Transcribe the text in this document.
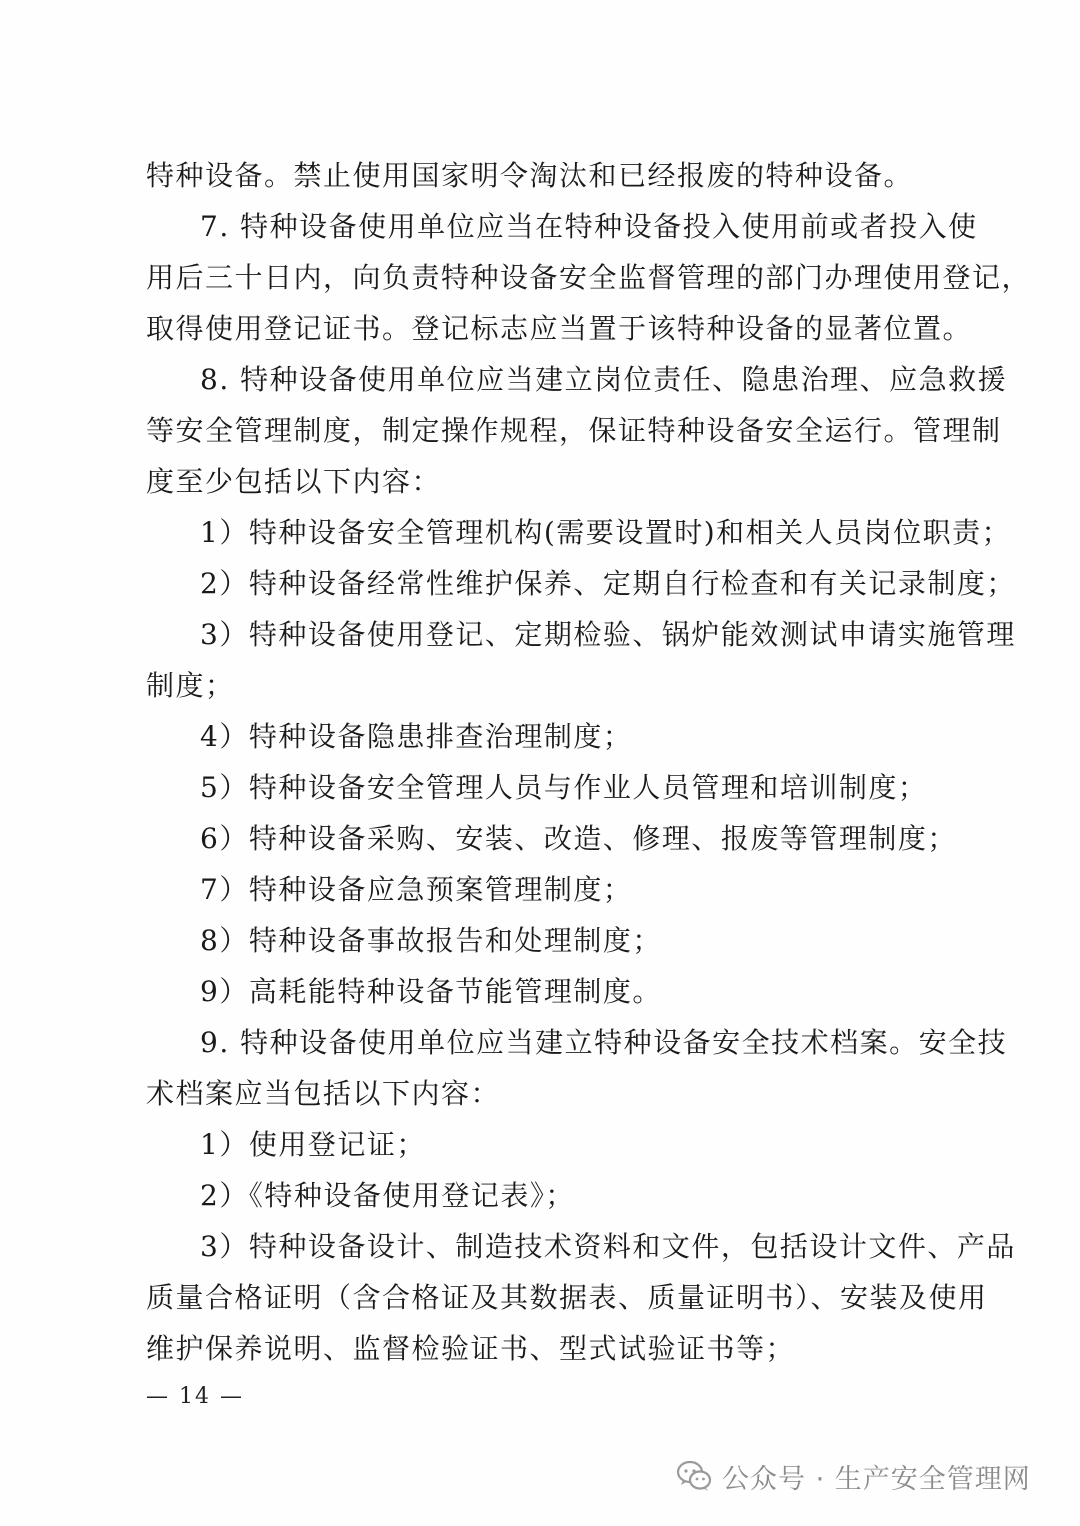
特种设备。禁止使用国家明令淘汰和已经报废的特种设备。
7. 特种设备使用单位应当在特种设备投入使用前或者投入使
用后三十日内，向负责特种设备安全监督管理的部门办理使用登记，
取得使用登记证书。登记标志应当置于该特种设备的显著位置。
8. 特种设备使用单位应当建立岗位责任、隐患治理、应急救援
等安全管理制度，制定操作规程，保证特种设备安全运行。管理制
度至少包括以下内容：
1）特种设备安全管理机构(需要设置时)和相关人员岗位职责；
2）特种设备经常性维护保养、定期自行检查和有关记录制度；
3）特种设备使用登记、定期检验、锅炉能效测试申请实施管理
制度；
4）特种设备隐患排查治理制度；
5）特种设备安全管理人员与作业人员管理和培训制度；
6）特种设备采购、安装、改造、修理、报废等管理制度；
7）特种设备应急预案管理制度；
8）特种设备事故报告和处理制度；
9）高耗能特种设备节能管理制度。
9. 特种设备使用单位应当建立特种设备安全技术档案。安全技
术档案应当包括以下内容：
1）使用登记证；
2）《特种设备使用登记表》；
3）特种设备设计、制造技术资料和文件，包括设计文件、产品
质量合格证明（含合格证及其数据表、质量证明书）、安装及使用
维护保养说明、监督检验证书、型式试验证书等；
— 14 —
公众号 · 生产安全管理网
